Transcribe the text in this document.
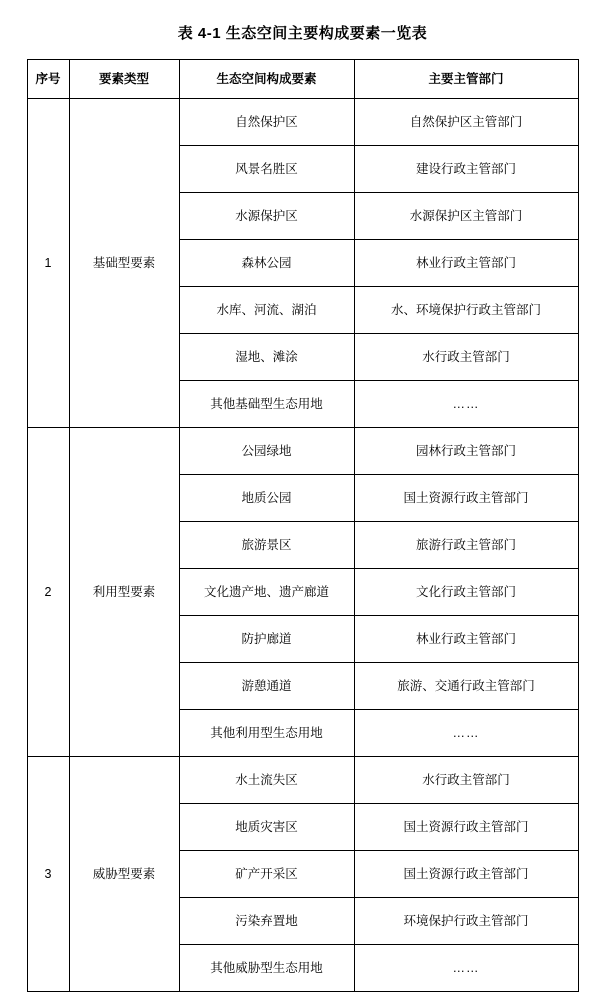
表 4-1 生态空间主要构成要素一览表
序号	要素类型	生态空间构成要素	主要主管部门
1	基础型要素	自然保护区	自然保护区主管部门
		风景名胜区	建设行政主管部门
		水源保护区	水源保护区主管部门
		森林公园	林业行政主管部门
		水库、河流、湖泊	水、环境保护行政主管部门
		湿地、滩涂	水行政主管部门
		其他基础型生态用地	……
2	利用型要素	公园绿地	园林行政主管部门
		地质公园	国土资源行政主管部门
		旅游景区	旅游行政主管部门
		文化遗产地、遗产廊道	文化行政主管部门
		防护廊道	林业行政主管部门
		游憩通道	旅游、交通行政主管部门
		其他利用型生态用地	……
3	威胁型要素	水土流失区	水行政主管部门
		地质灾害区	国土资源行政主管部门
		矿产开采区	国土资源行政主管部门
		污染弃置地	环境保护行政主管部门
		其他威胁型生态用地	……
